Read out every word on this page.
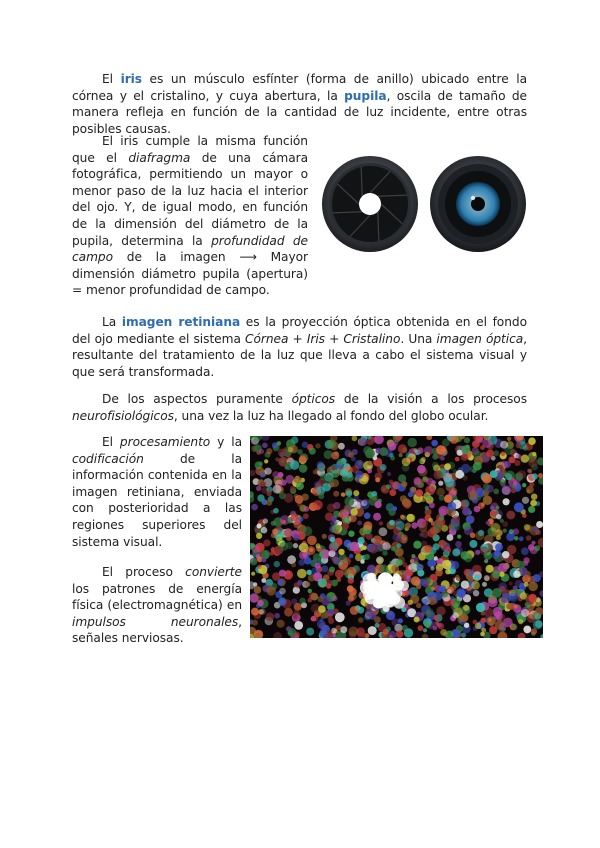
El iris es un músculo esfínter (forma de anillo) ubicado entre la córnea y el cristalino, y cuya abertura, la pupila, oscila de tamaño de manera refleja en función de la cantidad de luz incidente, entre otras posibles causas.
El iris cumple la misma función que el diafragma de una cámara fotográfica, permitiendo un mayor o menor paso de la luz hacia el interior del ojo. Y, de igual modo, en función de la dimensión del diámetro de la pupila, determina la profundidad de campo de la imagen ⟶ Mayor dimensión diámetro pupila (apertura) = menor profundidad de campo.
La imagen retiniana es la proyección óptica obtenida en el fondo del ojo mediante el sistema Córnea + Iris + Cristalino. Una imagen óptica, resultante del tratamiento de la luz que lleva a cabo el sistema visual y que será transformada.
De los aspectos puramente ópticos de la visión a los procesos neurofisiológicos, una vez la luz ha llegado al fondo del globo ocular.
El procesamiento y la codificación de la información contenida en la imagen retiniana, enviada con posterioridad a las regiones superiores del sistema visual.
El proceso convierte los patrones de energía física (electromagnética) en impulsos neuronales, señales nerviosas.
